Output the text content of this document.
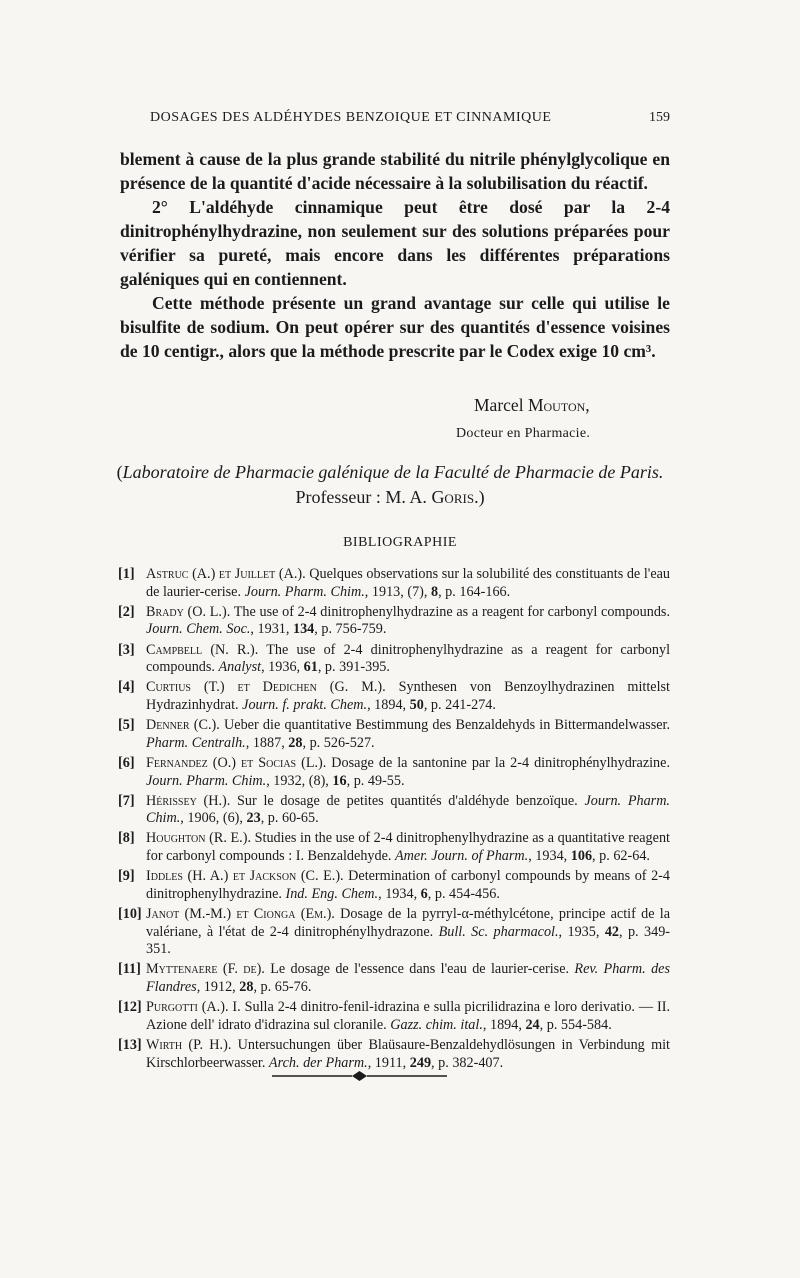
DOSAGES DES ALDÉHYDES BENZOIQUE ET CINNAMIQUE	159

blement à cause de la plus grande stabilité du nitrile phénylglycolique en présence de la quantité d'acide nécessaire à la solubilisation du réactif.

2° L'aldéhyde cinnamique peut être dosé par la 2-4 dinitrophénylhydrazine, non seulement sur des solutions préparées pour vérifier sa pureté, mais encore dans les différentes préparations galéniques qui en contiennent.

Cette méthode présente un grand avantage sur celle qui utilise le bisulfite de sodium. On peut opérer sur des quantités d'essence voisines de 10 centigr., alors que la méthode prescrite par le Codex exige 10 cm³.

Marcel Mouton,
Docteur en Pharmacie.
(Laboratoire de Pharmacie galénique de la Faculté de Pharmacie de Paris. Professeur : M. A. Goris.)
BIBLIOGRAPHIE
[1] Astruc (A.) et Juillet (A.). Quelques observations sur la solubilité des constituants de l'eau de laurier-cerise. Journ. Pharm. Chim., 1913, (7), 8, p. 164-166.
[2] Brady (O. L.). The use of 2-4 dinitrophenylhydrazine as a reagent for carbonyl compounds. Journ. Chem. Soc., 1931, 134, p. 756-759.
[3] Campbell (N. R.). The use of 2-4 dinitrophenylhydrazine as a reagent for carbonyl compounds. Analyst, 1936, 61, p. 391-395.
[4] Curtius (T.) et Dedichen (G. M.). Synthesen von Benzoylhydrazinen mittelst Hydrazinhydrat. Journ. f. prakt. Chem., 1894, 50, p. 241-274.
[5] Denner (C.). Ueber die quantitative Bestimmung des Benzaldehyds in Bittermandelwasser. Pharm. Centralh., 1887, 28, p. 526-527.
[6] Fernandez (O.) et Socias (L.). Dosage de la santonine par la 2-4 dinitrophénylhydrazine. Journ. Pharm. Chim., 1932, (8), 16, p. 49-55.
[7] Hérissey (H.). Sur le dosage de petites quantités d'aldéhyde benzoïque. Journ. Pharm. Chim., 1906, (6), 23, p. 60-65.
[8] Houghton (R. E.). Studies in the use of 2-4 dinitrophenylhydrazine as a quantitative reagent for carbonyl compounds : I. Benzaldehyde. Amer. Journ. of Pharm., 1934, 106, p. 62-64.
[9] Iddles (H. A.) et Jackson (C. E.). Determination of carbonyl compounds by means of 2-4 dinitrophenylhydrazine. Ind. Eng. Chem., 1934, 6, p. 454-456.
[10] Janot (M.-M.) et Cionga (Em.). Dosage de la pyrryl-α-méthylcétone, principe actif de la valériane, à l'état de 2-4 dinitrophénylhydrazone. Bull. Sc. pharmacol., 1935, 42, p. 349-351.
[11] Myttenaere (F. de). Le dosage de l'essence dans l'eau de laurier-cerise. Rev. Pharm. des Flandres, 1912, 28, p. 65-76.
[12] Purgotti (A.). I. Sulla 2-4 dinitro-fenil-idrazina e sulla picrilidrazina e loro derivatio. — II. Azione dell' idrato d'idrazina sul cloranile. Gazz. chim. ital., 1894, 24, p. 554-584.
[13] Wirth (P. H.). Untersuchungen über Blaüsaure-Benzaldehydlösungen in Verbindung mit Kirschlorbeerwasser. Arch. der Pharm., 1911, 249, p. 382-407.
